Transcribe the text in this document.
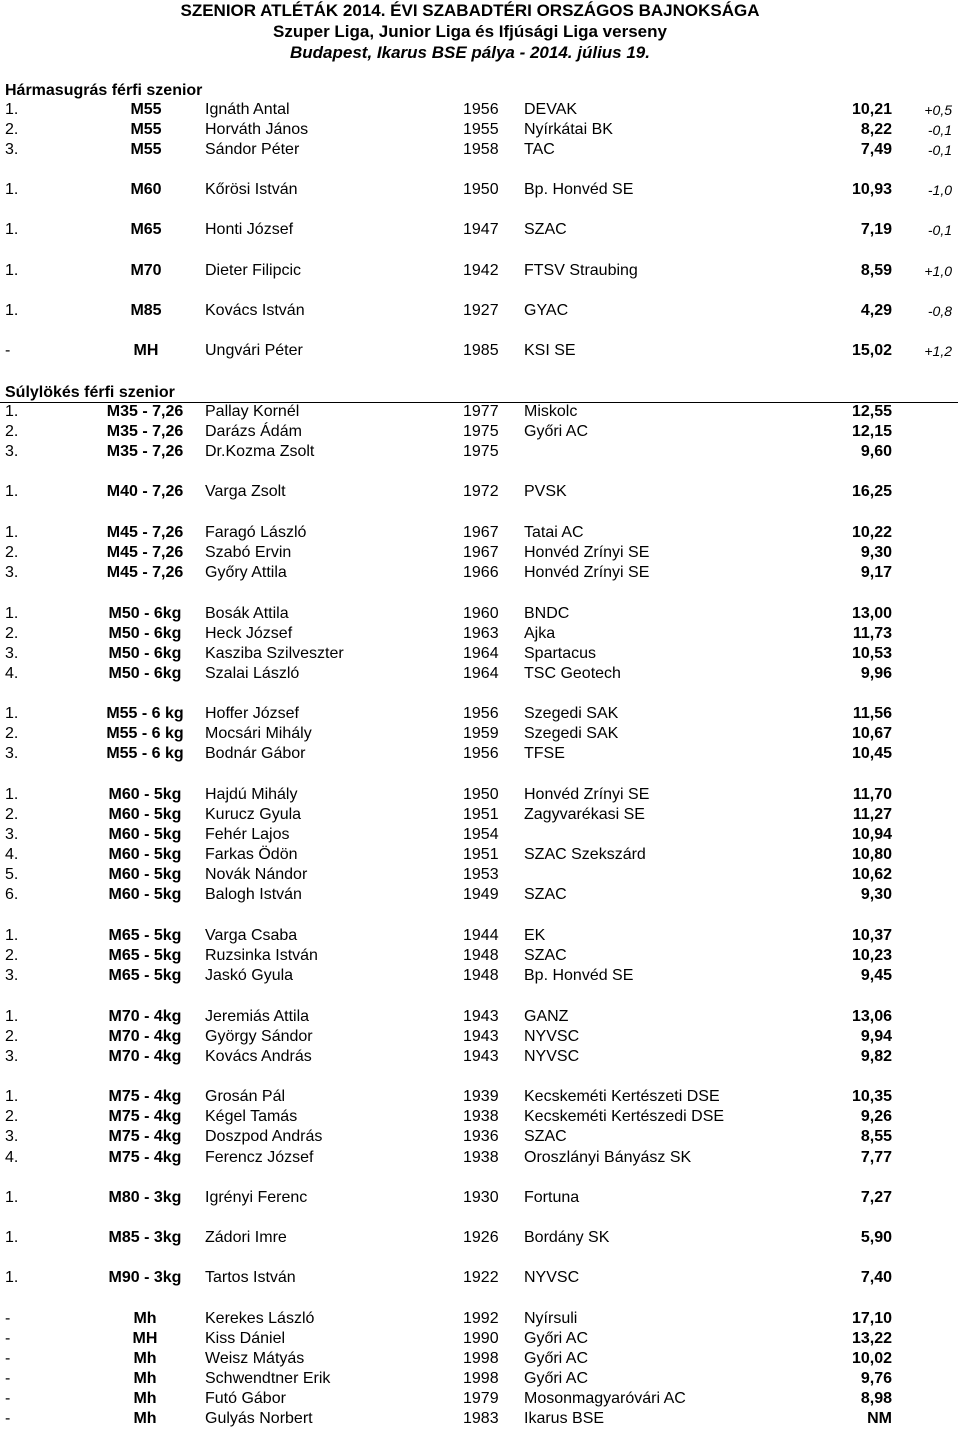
SZENIOR ATLÉTÁK 2014. ÉVI SZABADTÉRI ORSZÁGOS BAJNOKSÁGA
Szuper Liga, Junior Liga és Ifjúsági Liga verseny
Budapest, Ikarus BSE pálya - 2014. július 19.
Hármasugrás férfi szenior
1.	M55	Ignáth Antal	1956 DEVAK	10,21 +0,5
2.	M55	Horváth János	1955 Nyírkátai BK	8,22	-0,1
3.	M55	Sándor Péter	1958 TAC	7,49	-0,1
1.	M60	Kőrösi István	1950 Bp. Honvéd SE	10,93	-1,0
1.	M65	Honti József	1947 SZAC	7,19	-0,1
1.	M70	Dieter Filipcic	1942 FTSV Straubing	8,59 +1,0
1.	M85	Kovács István	1927 GYAC	4,29	-0,8
-	MH	Ungvári Péter	1985 KSI SE	15,02 +1,2
Súlylökés férfi szenior
1.	M35 - 7,26	Pallay Kornél	1977 Miskolc	12,55
2.	M35 - 7,26	Darázs Ádám	1975 Győri AC	12,15
3.	M35 - 7,26	Dr.Kozma Zsolt	1975	9,60
1.	M40 - 7,26	Varga Zsolt	1972 PVSK	16,25
1.	M45 - 7,26	Faragó László	1967 Tatai AC	10,22
2.	M45 - 7,26	Szabó Ervin	1967 Honvéd Zrínyi SE	9,30
3.	M45 - 7,26	Győry Attila	1966 Honvéd Zrínyi SE	9,17
1.	M50 - 6kg	Bosák Attila	1960 BNDC	13,00
2.	M50 - 6kg	Heck József	1963 Ajka	11,73
3.	M50 - 6kg	Kasziba Szilveszter	1964 Spartacus	10,53
4.	M50 - 6kg	Szalai László	1964 TSC Geotech	9,96
1.	M55 - 6 kg	Hoffer József	1956 Szegedi SAK	11,56
2.	M55 - 6 kg	Mocsári Mihály	1959 Szegedi SAK	10,67
3.	M55 - 6 kg	Bodnár Gábor	1956 TFSE	10,45
1.	M60 - 5kg	Hajdú Mihály	1950 Honvéd Zrínyi SE	11,70
2.	M60 - 5kg	Kurucz Gyula	1951 Zagyvarékasi SE	11,27
3.	M60 - 5kg	Fehér Lajos	1954	10,94
4.	M60 - 5kg	Farkas Ödön	1951 SZAC Szekszárd	10,80
5.	M60 - 5kg	Novák Nándor	1953	10,62
6.	M60 - 5kg	Balogh István	1949 SZAC	9,30
1.	M65 - 5kg	Varga Csaba	1944 EK	10,37
2.	M65 - 5kg	Ruzsinka István	1948 SZAC	10,23
3.	M65 - 5kg	Jaskó Gyula	1948 Bp. Honvéd SE	9,45
1.	M70 - 4kg	Jeremiás Attila	1943 GANZ	13,06
2.	M70 - 4kg	György Sándor	1943 NYVSC	9,94
3.	M70 - 4kg	Kovács András	1943 NYVSC	9,82
1.	M75 - 4kg	Grosán Pál	1939 Kecskeméti Kertészeti DSE	10,35
2.	M75 - 4kg	Kégel Tamás	1938 Kecskeméti Kertészedi DSE	9,26
3.	M75 - 4kg	Doszpod András	1936 SZAC	8,55
4.	M75 - 4kg	Ferencz József	1938 Oroszlányi Bányász SK	7,77
1.	M80 - 3kg	Igrényi Ferenc	1930 Fortuna	7,27
1.	M85 - 3kg	Zádori Imre	1926 Bordány SK	5,90
1.	M90 - 3kg	Tartos István	1922 NYVSC	7,40
-	Mh	Kerekes László	1992 Nyírsuli	17,10
-	MH	Kiss Dániel	1990 Győri AC	13,22
-	Mh	Weisz Mátyás	1998 Győri AC	10,02
-	Mh	Schwendtner Erik	1998 Győri AC	9,76
-	Mh	Futó Gábor	1979 Mosonmagyaróvári AC	8,98
-	Mh	Gulyás Norbert	1983 Ikarus BSE	NM
